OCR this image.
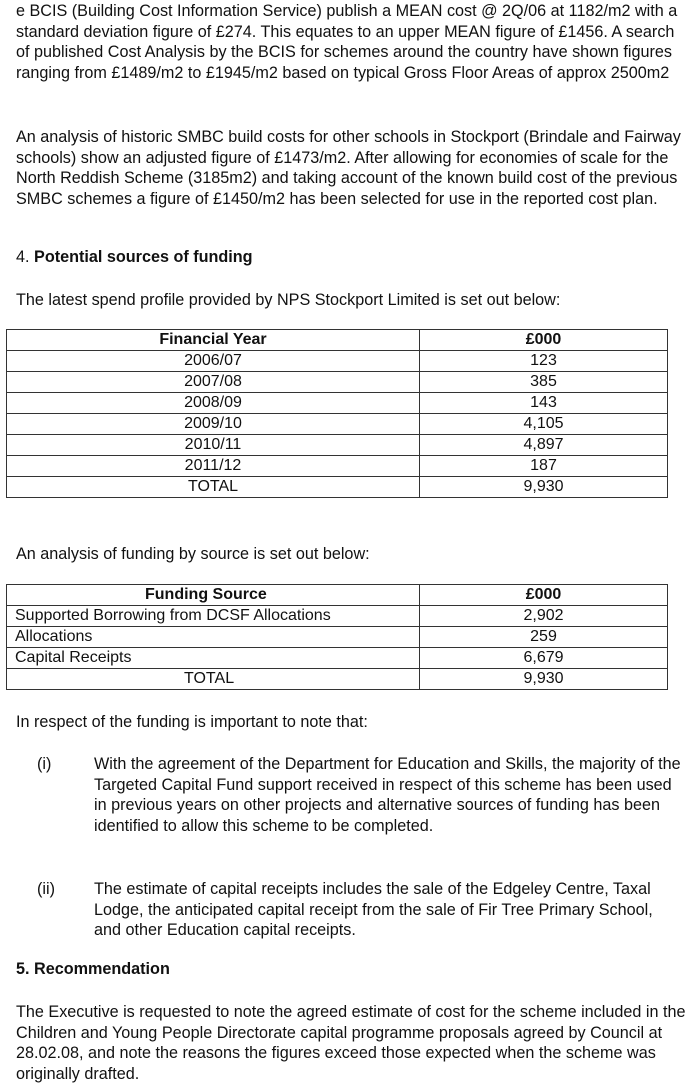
e BCIS (Building Cost Information Service) publish a MEAN cost @ 2Q/06 at 1182/m2 with a standard deviation figure of £274. This equates to an upper MEAN figure of £1456. A search of published Cost Analysis by the BCIS for schemes around the country have shown figures ranging from £1489/m2 to £1945/m2 based on typical Gross Floor Areas of approx 2500m2

An analysis of historic SMBC build costs for other schools in Stockport (Brindale and Fairway schools) show an adjusted figure of £1473/m2. After allowing for economies of scale for the North Reddish Scheme (3185m2) and taking account of the known build cost of the previous SMBC schemes a figure of £1450/m2 has been selected for use in the reported cost plan.

4. Potential sources of funding

The latest spend profile provided by NPS Stockport Limited is set out below:

Financial Year	£000
2006/07	123
2007/08	385
2008/09	143
2009/10	4,105
2010/11	4,897
2011/12	187
TOTAL	9,930

An analysis of funding by source is set out below:

Funding Source	£000
Supported Borrowing from DCSF Allocations	2,902
Allocations	259
Capital Receipts	6,679
TOTAL	9,930

In respect of the funding is important to note that:

(i)	With the agreement of the Department for Education and Skills, the majority of the Targeted Capital Fund support received in respect of this scheme has been used in previous years on other projects and alternative sources of funding has been identified to allow this scheme to be completed.
(ii) The estimate of capital receipts includes the sale of the Edgeley Centre, Taxal Lodge, the anticipated capital receipt from the sale of Fir Tree Primary School, and other Education capital receipts.

5. Recommendation

The Executive is requested to note the agreed estimate of cost for the scheme included in the Children and Young People Directorate capital programme proposals agreed by Council at 28.02.08, and note the reasons the figures exceed those expected when the scheme was originally drafted.
